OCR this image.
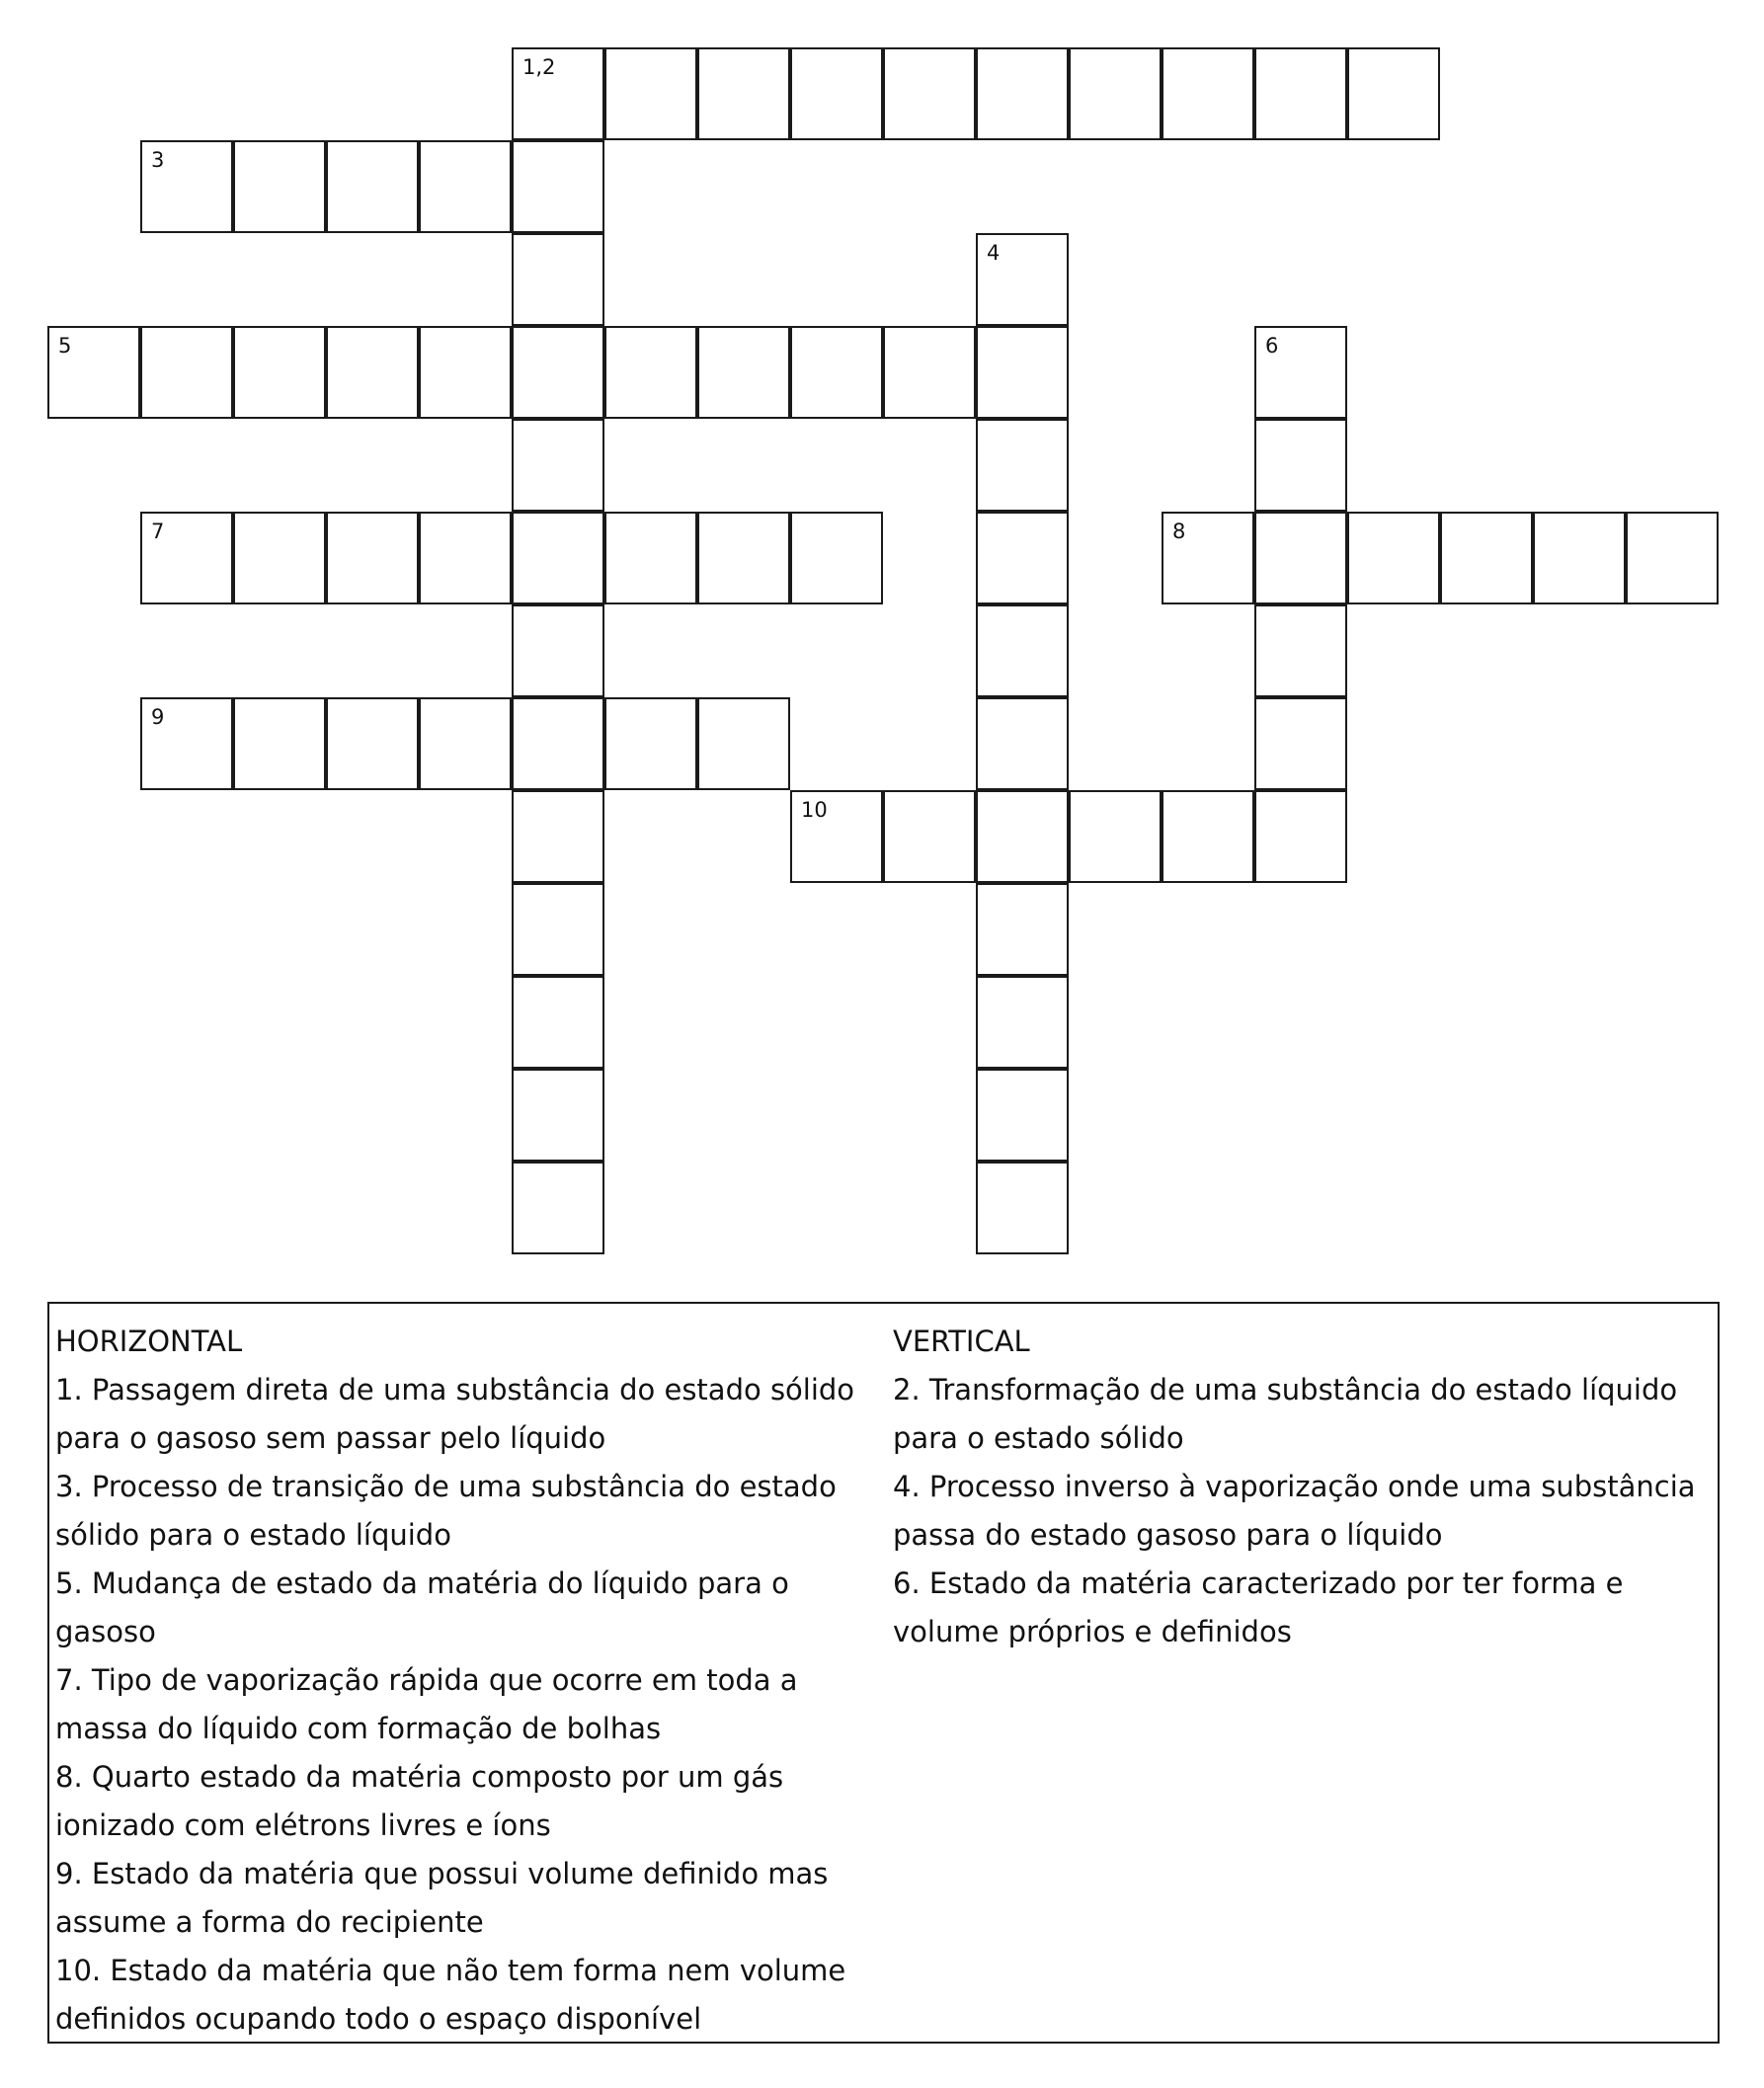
1,2
3
4
5	6
7	8
9
10

HORIZONTAL

1. Passagem direta de uma substância do estado sólido para o gasoso sem passar pelo líquido

3. Processo de transição de uma substância do estado sólido para o estado líquido

5. Mudança de estado da matéria do líquido para o gasoso

7. Tipo de vaporização rápida que ocorre em toda a massa do líquido com formação de bolhas

8. Quarto estado da matéria composto por um gás ionizado com elétrons livres e íons

9. Estado da matéria que possui volume definido mas assume a forma do recipiente

10. Estado da matéria que não tem forma nem volume definidos ocupando todo o espaço disponível

VERTICAL

2. Transformação de uma substância do estado líquido para o estado sólido

4. Processo inverso à vaporização onde uma substância passa do estado gasoso para o líquido

6. Estado da matéria caracterizado por ter forma e volume próprios e definidos
